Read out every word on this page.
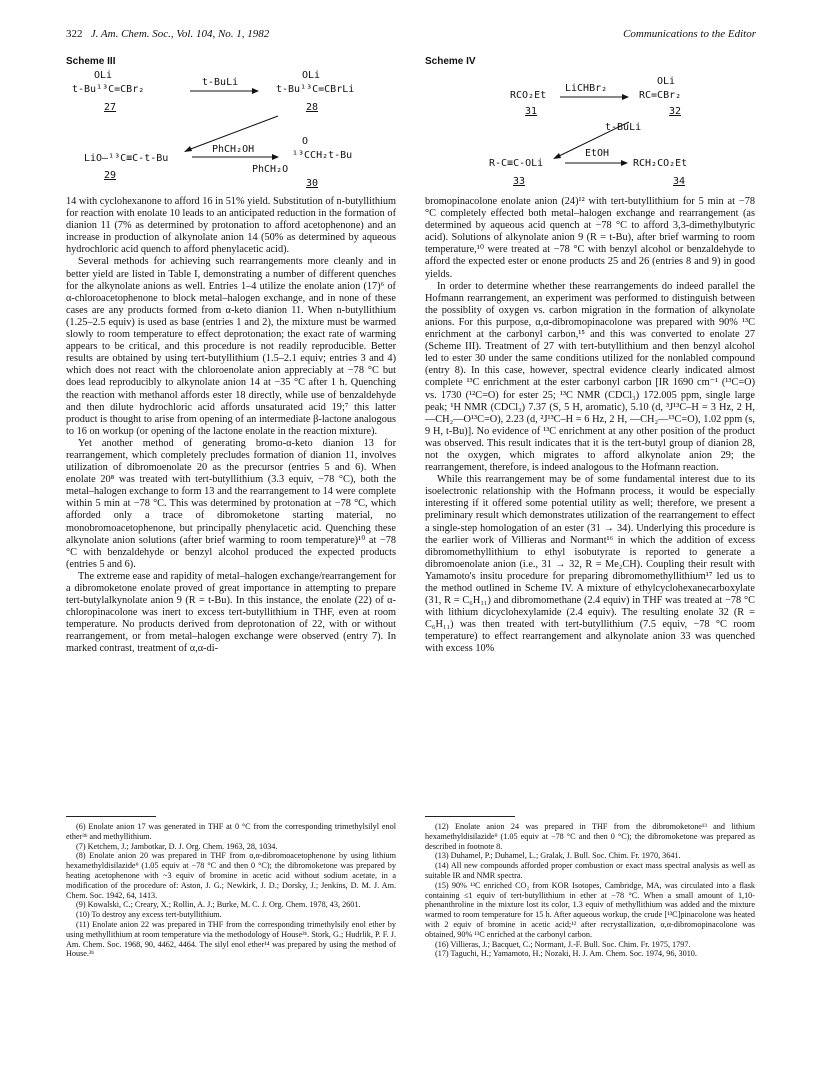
322 J. Am. Chem. Soc., Vol. 104, No. 1, 1982	Communications to the Editor
Scheme III
OLi
t-Bu¹³C=CBr₂
27
t-BuLi
OLi
t-Bu¹³C=CBrLi
28
PhCH₂OH
LiO—¹³C≡C-t-Bu
29
O
¹³CCH₂t-Bu
PhCH₂O
30
Scheme IV
RCO₂Et
31
LiCHBr₂
OLi
RC=CBr₂
32
t-BuLi
EtOH
R-C≡C-OLi
33
RCH₂CO₂Et
34

14 with cyclohexanone to afford 16 in 51% yield. Substitution of n-butyllithium for reaction with enolate 10 leads to an anticipated reduction in the formation of dianion 11 (7% as determined by protonation to afford acetophenone) and an increase in production of alkynolate anion 14 (50% as determined by aqueous hydrochloric acid quench to afford phenylacetic acid).

Several methods for achieving such rearrangements more cleanly and in better yield are listed in Table I, demonstrating a number of different quenches for the alkynolate anions as well. Entries 1–4 utilize the enolate anion (17)⁶ of α-chloroacetophenone to block metal–halogen exchange, and in none of these cases are any products formed from α-keto dianion 11. When n-butyllithium (1.25–2.5 equiv) is used as base (entries 1 and 2), the mixture must be warmed slowly to room temperature to effect deprotonation; the exact rate of warming appears to be critical, and this procedure is not readily reproducible. Better results are obtained by using tert-butyllithium (1.5–2.1 equiv; entries 3 and 4) which does not react with the chloroenolate anion appreciably at −78 °C but does lead reproducibly to alkynolate anion 14 at −35 °C after 1 h. Quenching the reaction with methanol affords ester 18 directly, while use of benzaldehyde and then dilute hydrochloric acid affords unsaturated acid 19;⁷ this latter product is thought to arise from opening of an intermediate β-lactone analogous to 16 on workup (or opening of the lactone enolate in the reaction mixture).

Yet another method of generating bromo-α-keto dianion 13 for rearrangement, which completely precludes formation of dianion 11, involves utilization of dibromoenolate 20 as the precursor (entries 5 and 6). When enolate 20⁸ was treated with tert-butyllithium (3.3 equiv, −78 °C), both the metal–halogen exchange to form 13 and the rearrangement to 14 were complete within 5 min at −78 °C. This was determined by protonation at −78 °C, which afforded only a trace of dibromoketone starting material, no monobromoacetophenone, but principally phenylacetic acid. Quenching these alkynolate anion solutions (after brief warming to room temperature)¹⁰ at −78 °C with benzaldehyde or benzyl alcohol produced the expected products (entries 5 and 6).

The extreme ease and rapidity of metal–halogen exchange/rearrangement for a dibromoketone enolate proved of great importance in attempting to prepare tert-butylalkynolate anion 9 (R = t-Bu). In this instance, the enolate (22) of α-chloropinacolone was inert to excess tert-butyllithium in THF, even at room temperature. No products derived from deprotonation of 22, with or without rearrangement, or from metal–halogen exchange were observed (entry 7). In marked contrast, treatment of α,α-di-

bromopinacolone enolate anion (24)¹² with tert-butyllithium for 5 min at −78 °C completely effected both metal–halogen exchange and rearrangement (as determined by aqueous acid quench at −78 °C to afford 3,3-dimethylbutyric acid). Solutions of alkynolate anion 9 (R = t-Bu), after brief warming to room temperature,¹⁰ were treated at −78 °C with benzyl alcohol or benzaldehyde to afford the expected ester or enone products 25 and 26 (entries 8 and 9) in good yields.

In order to determine whether these rearrangements do indeed parallel the Hofmann rearrangement, an experiment was performed to distinguish between the possiblity of oxygen vs. carbon migration in the formation of alkynolate anions. For this purpose, α,α-dibromopinacolone was prepared with 90% ¹³C enrichment at the carbonyl carbon,¹⁵ and this was converted to enolate 27 (Scheme III). Treatment of 27 with tert-butyllithium and then benzyl alcohol led to ester 30 under the same conditions utilized for the nonlabled compound (entry 8). In this case, however, spectral evidence clearly indicated almost complete ¹³C enrichment at the ester carbonyl carbon [IR 1690 cm⁻¹ (¹³C=O) vs. 1730 (¹²C=O) for ester 25; ¹³C NMR (CDCl₃) 172.005 ppm, single large peak; ¹H NMR (CDCl₃) 7.37 (S, 5 H, aromatic), 5.10 (d, ³J¹³C–H = 3 Hz, 2 H, —CH₂—O¹³C=O), 2.23 (d, ²J¹³C–H = 6 Hz, 2 H, —CH₂—¹³C=O), 1.02 ppm (s, 9 H, t-Bu)]. No evidence of ¹³C enrichment at any other position of the product was observed. This result indicates that it is the tert-butyl group of dianion 28, not the oxygen, which migrates to afford alkynolate anion 29; the rearrangement, therefore, is indeed analogous to the Hofmann reaction.

While this rearrangement may be of some fundamental interest due to its isoelectronic relationship with the Hofmann process, it would be especially interesting if it offered some potential utility as well; therefore, we present a preliminary result which demonstrates utilization of the rearrangement to effect a single-step homologation of an ester (31 → 34). Underlying this procedure is the earlier work of Villieras and Normant¹⁶ in which the addition of excess dibromomethyllithium to ethyl isobutyrate is reported to generate a dibromoenolate anion (i.e., 31 → 32, R = Me₂CH). Coupling their result with Yamamoto's insitu procedure for preparing dibromomethyllithium¹⁷ led us to the method outlined in Scheme IV. A mixture of ethylcyclohexanecarboxylate (31, R = C₆H₁₁) and dibromomethane (2.4 equiv) in THF was treated at −78 °C with lithium dicyclohexylamide (2.4 equiv). The resulting enolate 32 (R = C₆H₁₁) was then treated with tert-butyllithium (7.5 equiv, −78 °C room temperature) to effect rearrangement and alkynolate anion 33 was quenched with excess 10%

(6) Enolate anion 17 was generated in THF at 0 °C from the corresponding trimethylsilyl enol ether³ᵇ and methyllithium.

(7) Ketchem, J.; Jambotkar, D. J. Org. Chem. 1963, 28, 1034.

(8) Enolate anion 20 was prepared in THF from α,α-dibromoacetophenone by using lithium hexamethyldisilazide⁹ (1.05 equiv at −78 °C and then 0 °C); the dibromoketone was prepared by heating acetophenone with ~3 equiv of bromine in acetic acid without sodium acetate, in a modification of the procedure of: Aston, J. G.; Newkirk, J. D.; Dorsky, J.; Jenkins, D. M. J. Am. Chem. Soc. 1942, 64, 1413.

(9) Kowalski, C.; Creary, X.; Rollin, A. J.; Burke, M. C. J. Org. Chem. 1978, 43, 2601.

(10) To destroy any excess tert-butyllithium.

(11) Enolate anion 22 was prepared in THF from the corresponding trimethylsily enol ether by using methyllithium at room temperature via the methodology of House³ᵇ. Stork, G.; Hudrlik, P. F. J. Am. Chem. Soc. 1968, 90, 4462, 4464. The silyl enol ether¹⁴ was prepared by using the method of House.³ᵇ

(12) Enolate anion 24 was prepared in THF from the dibromoketone¹³ and lithium hexamethyldisilazide⁹ (1.05 equiv at −78 °C and then 0 °C); the dibromoketone was prepared as described in footnote 8.

(13) Duhamel, P.; Duhamel, L.; Gralak, J. Bull. Soc. Chim. Fr. 1970, 3641.

(14) All new compounds afforded proper combustion or exact mass spectral analysis as well as suitable IR and NMR spectra.

(15) 90% ¹³C enriched CO₂ from KOR Isotopes, Cambridge, MA, was circulated into a flask containing ≤1 equiv of tert-butyllithium in ether at −78 °C. When a small amount of 1,10-phenanthroline in the mixture lost its color, 1.3 equiv of methyllithium was added and the mixture warmed to room temperature for 15 h. After aqueous workup, the crude [¹³C]pinacolone was heated with 2 equiv of bromine in acetic acid;¹² after recrystallization, α,α-dibromopinacolone was obtained, 90% ¹³C enriched at the carbonyl carbon.

(16) Villieras, J.; Bacquet, C.; Normant, J.-F. Bull. Soc. Chim. Fr. 1975, 1797.

(17) Taguchi, H.; Yamamoto, H.; Nozaki, H. J. Am. Chem. Soc. 1974, 96, 3010.
